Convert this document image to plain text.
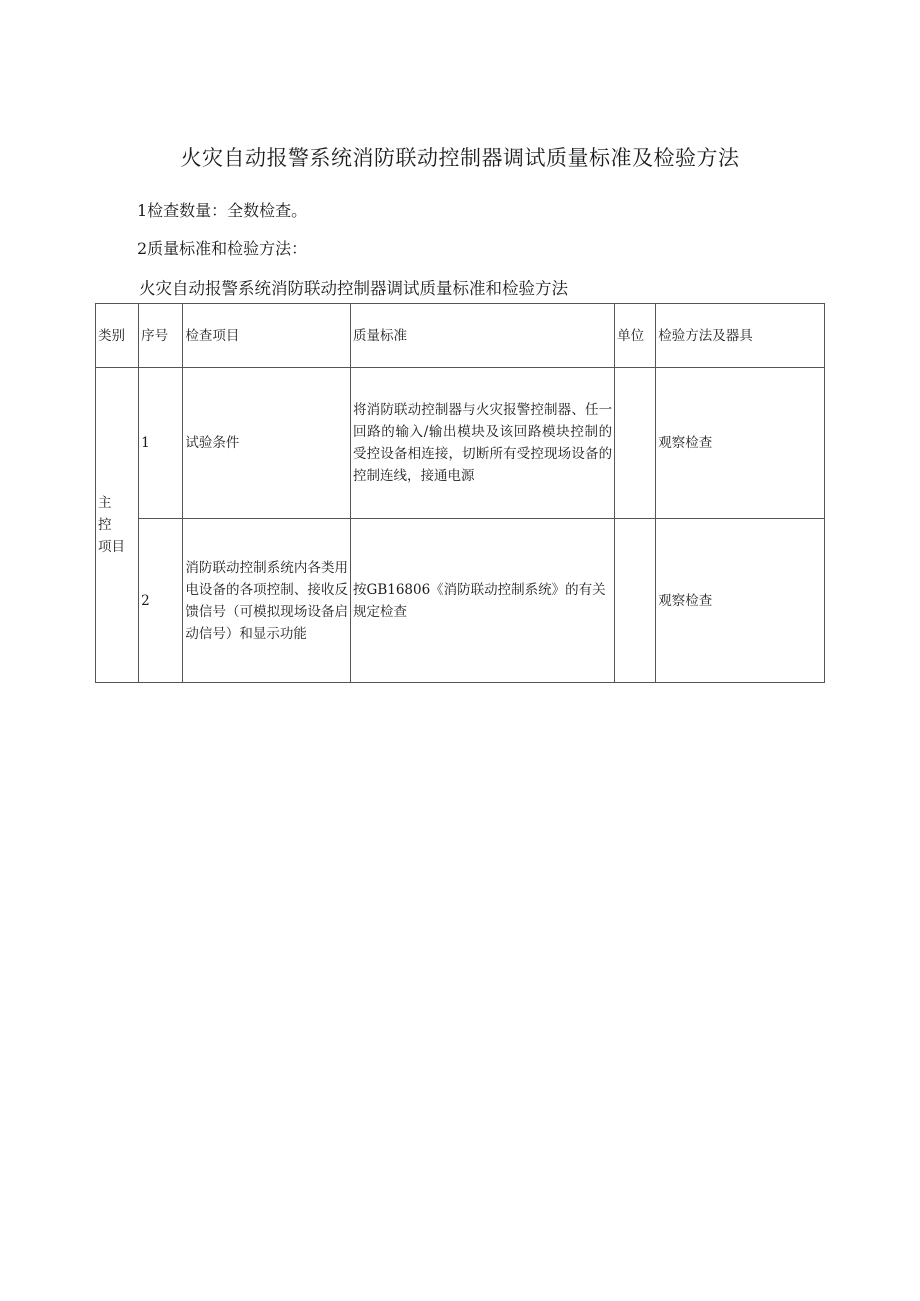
火灾自动报警系统消防联动控制器调试质量标准及检验方法

1检查数量：全数检查。

2质量标准和检验方法：

火灾自动报警系统消防联动控制器调试质量标准和检验方法

类别	序号	检查项目	质量标准	单位	检验方法及器具

主
控
项目	1	试验条件	将消防联动控制器与火灾报警控制器、任一回路的输入/输出模块及该回路模块控制的受控设备相连接，切断所有受控现场设备的控制连线，接通电源		观察检查
	2	消防联动控制系统内各类用电设备的各项控制、接收反馈信号（可模拟现场设备启动信号）和显示功能	按GB16806《消防联动控制系统》的有关规定检查		观察检查
